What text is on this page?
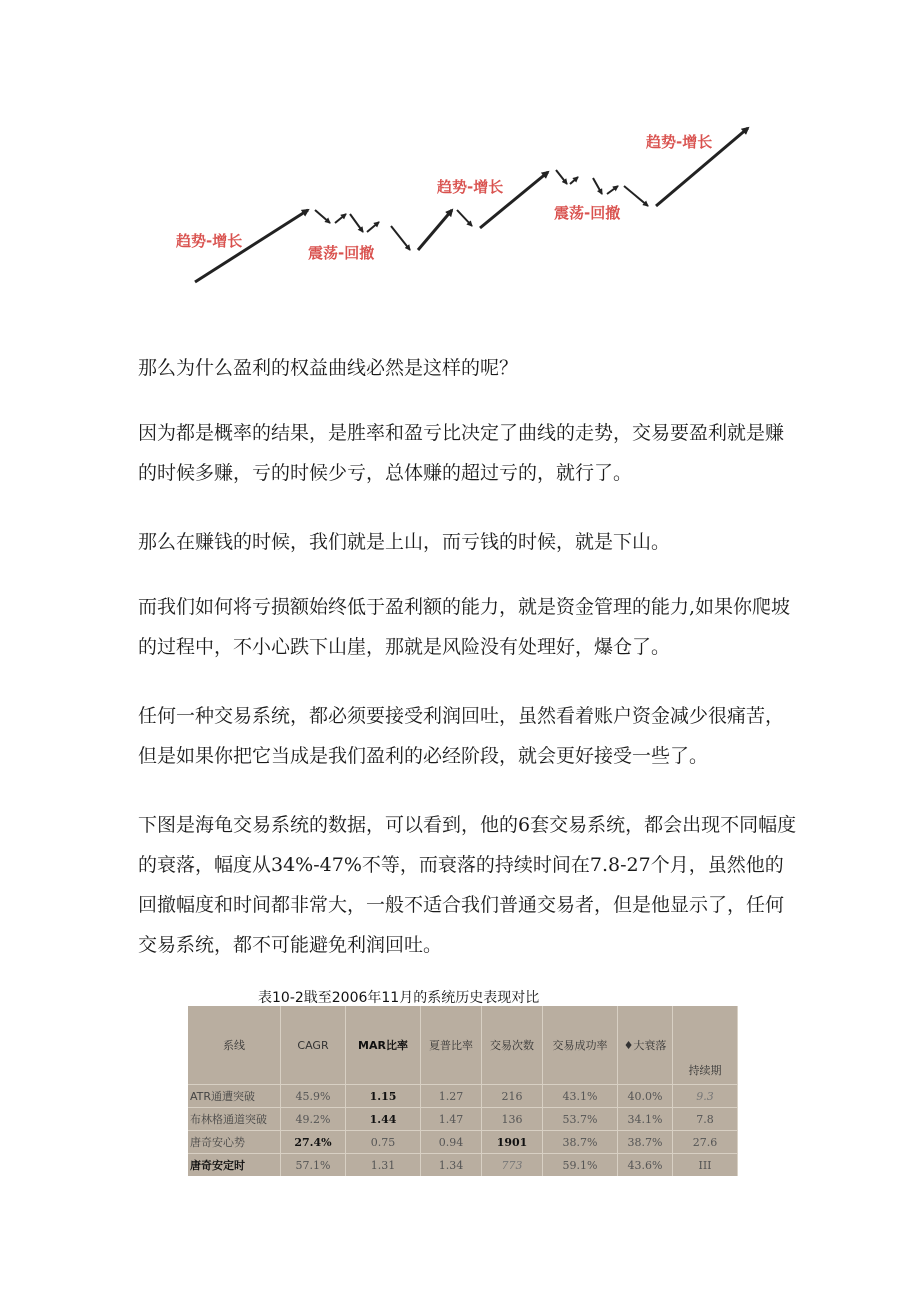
趋势-增长
震荡-回撤
趋势-增长
震荡-回撤
趋势-增长

那么为什么盈利的权益曲线必然是这样的呢？

因为都是概率的结果，是胜率和盈亏比决定了曲线的走势，交易要盈利就是赚的时候多赚，亏的时候少亏，总体赚的超过亏的，就行了。

那么在赚钱的时候，我们就是上山，而亏钱的时候，就是下山。

而我们如何将亏损额始终低于盈利额的能力，就是资金管理的能力,如果你爬坡的过程中，不小心跌下山崖，那就是风险没有处理好，爆仓了。

任何一种交易系统，都必须要接受利润回吐，虽然看着账户资金减少很痛苦，但是如果你把它当成是我们盈利的必经阶段，就会更好接受一些了。

下图是海龟交易系统的数据，可以看到，他的6套交易系统，都会出现不同幅度的衰落，幅度从34%-47%不等，而衰落的持续时间在7.8-27个月，虽然他的回撤幅度和时间都非常大，一般不适合我们普通交易者，但是他显示了，任何交易系统，都不可能避免利润回吐。

表10-2戢至2006年11月的系统历史表现对比
系线	CAGR	MAR比率	夏普比率	交易次数	交易成功率	♦大衰落	持续期
ATR通遭突破	45.9%	1.15	1.27	216	43.1%	40.0%	9.3
布林格通道突破	49.2%	1.44	1.47	136	53.7%	34.1%	7.8
唐奇安心势	27.4%	0.75	0.94	1901	38.7%	38.7%	27.6
唐奇安定时	57.1%	1.31	1.34	773	59.1%	43.6%	III
